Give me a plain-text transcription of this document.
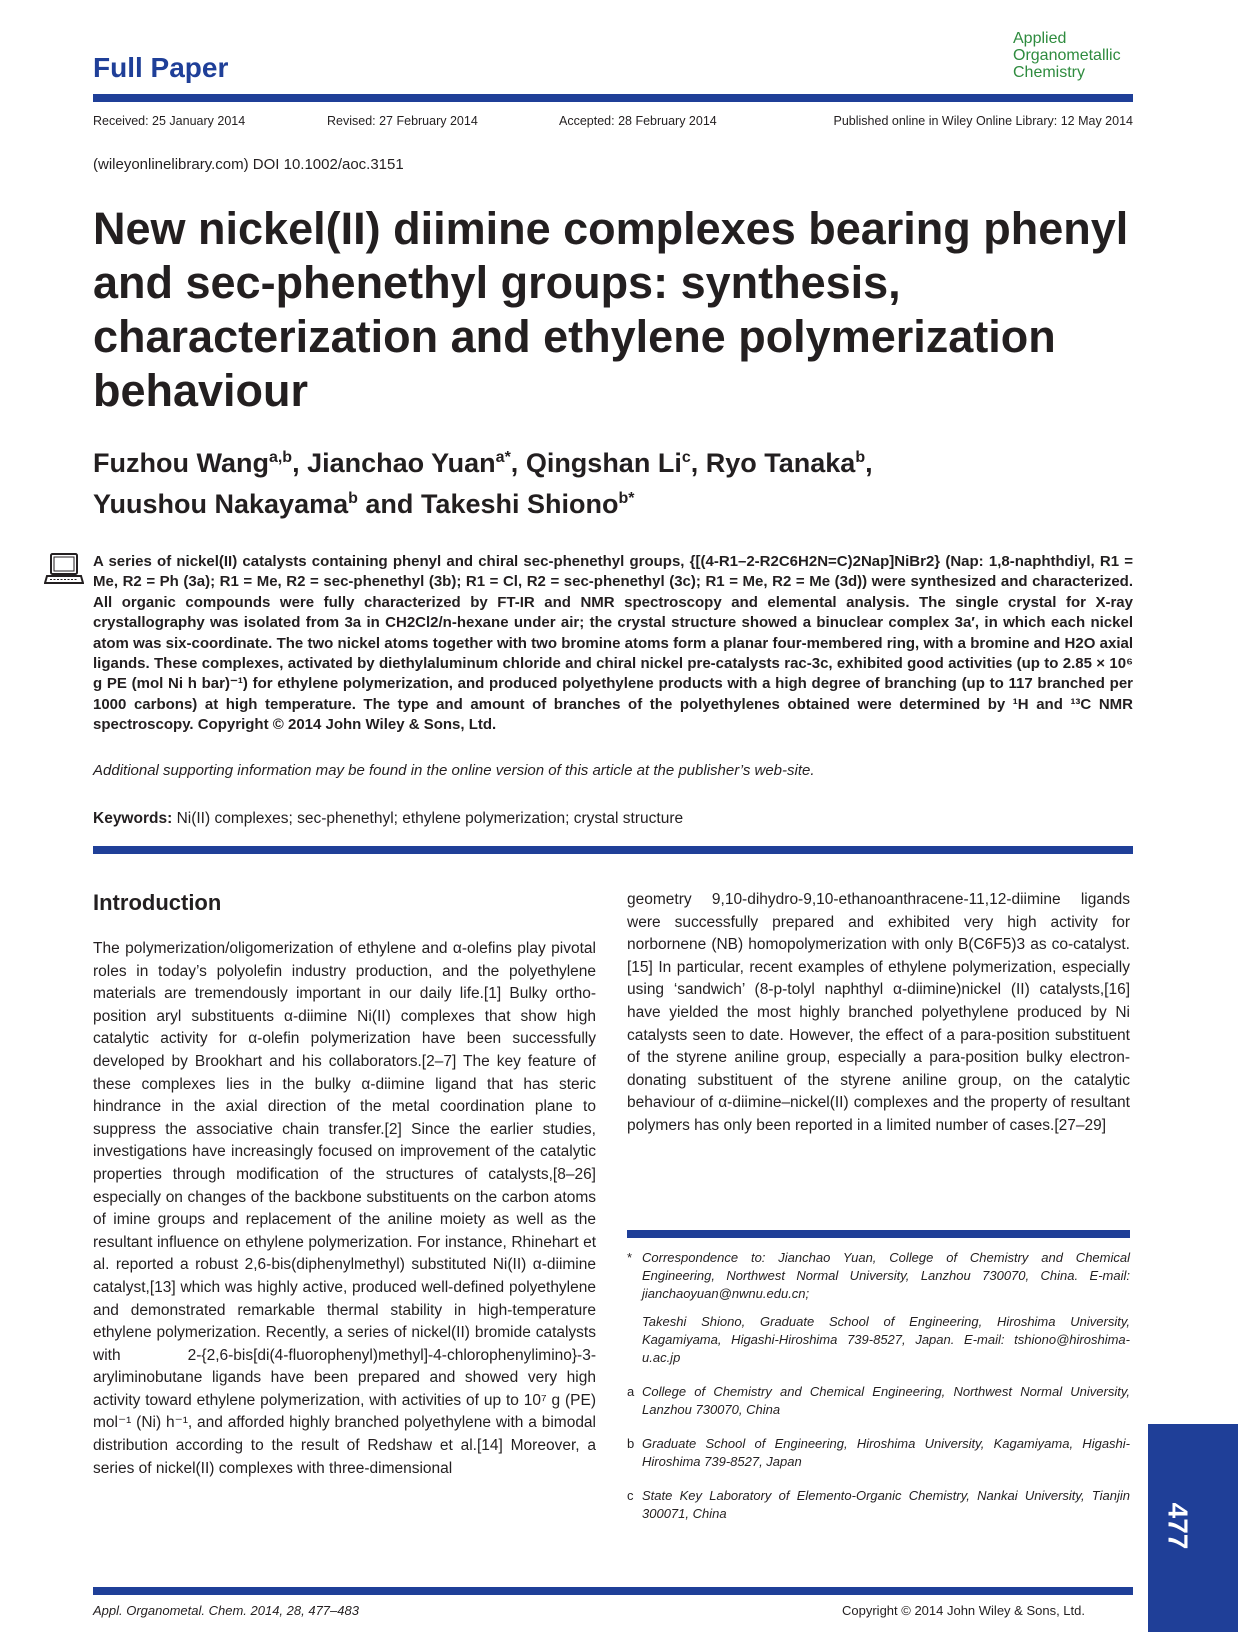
Full Paper
Applied
Organometallic
Chemistry
Received: 25 January 2014	Revised: 27 February 2014	Accepted: 28 February 2014	Published online in Wiley Online Library: 12 May 2014
(wileyonlinelibrary.com) DOI 10.1002/aoc.3151
New nickel(II) diimine complexes bearing phenyl and sec-phenethyl groups: synthesis, characterization and ethylene polymerization behaviour
Fuzhou Wang$^{a,b}$, Jianchao Yuan$^{a*}$, Qingshan Li$^c$, Ryo Tanaka$^b$,
Yuushou Nakayama$^b$ and Takeshi Shiono$^{b*}$
A series of nickel(II) catalysts containing phenyl and chiral sec-phenethyl groups, {[(4-R1–2-R2C6H2N=C)2Nap]NiBr2} (Nap: 1,8-naphthdiyl, R1 = Me, R2 = Ph (3a); R1 = Me, R2 = sec-phenethyl (3b); R1 = Cl, R2 = sec-phenethyl (3c); R1 = Me, R2 = Me (3d)) were synthesized and characterized. All organic compounds were fully characterized by FT-IR and NMR spectroscopy and elemental analysis. The single crystal for X-ray crystallography was isolated from 3a in CH2Cl2/n-hexane under air; the crystal structure showed a binuclear complex 3a′, in which each nickel atom was six-coordinate. The two nickel atoms together with two bromine atoms form a planar four-membered ring, with a bromine and H2O axial ligands. These complexes, activated by diethylaluminum chloride and chiral nickel pre-catalysts rac-3c, exhibited good activities (up to 2.85 × 10⁶ g PE (mol Ni h bar)⁻¹) for ethylene polymerization, and produced polyethylene products with a high degree of branching (up to 117 branched per 1000 carbons) at high temperature. The type and amount of branches of the polyethylenes obtained were determined by ¹H and ¹³C NMR spectroscopy. Copyright © 2014 John Wiley & Sons, Ltd.
Additional supporting information may be found in the online version of this article at the publisher’s web-site.
Keywords: Ni(II) complexes; sec-phenethyl; ethylene polymerization; crystal structure
Introduction
The polymerization/oligomerization of ethylene and α-olefins play pivotal roles in today’s polyolefin industry production, and the polyethylene materials are tremendously important in our daily life.[1] Bulky ortho-position aryl substituents α-diimine Ni(II) complexes that show high catalytic activity for α-olefin polymerization have been successfully developed by Brookhart and his collaborators.[2–7] The key feature of these complexes lies in the bulky α-diimine ligand that has steric hindrance in the axial direction of the metal coordination plane to suppress the associative chain transfer.[2] Since the earlier studies, investigations have increasingly focused on improvement of the catalytic properties through modification of the structures of catalysts,[8–26] especially on changes of the backbone substituents on the carbon atoms of imine groups and replacement of the aniline moiety as well as the resultant influence on ethylene polymerization. For instance, Rhinehart et al. reported a robust 2,6-bis(diphenylmethyl) substituted Ni(II) α-diimine catalyst,[13] which was highly active, produced well-defined polyethylene and demonstrated remarkable thermal stability in high-temperature ethylene polymerization. Recently, a series of nickel(II) bromide catalysts with 2-{2,6-bis[di(4-fluorophenyl)methyl]-4-chlorophenylimino}-3-aryliminobutane ligands have been prepared and showed very high activity toward ethylene polymerization, with activities of up to 10⁷ g (PE) mol⁻¹ (Ni) h⁻¹, and afforded highly branched polyethylene with a bimodal distribution according to the result of Redshaw et al.[14] Moreover, a series of nickel(II) complexes with three-dimensional
geometry 9,10-dihydro-9,10-ethanoanthracene-11,12-diimine ligands were successfully prepared and exhibited very high activity for norbornene (NB) homopolymerization with only B(C6F5)3 as co-catalyst.[15] In particular, recent examples of ethylene polymerization, especially using ‘sandwich’ (8-p-tolyl naphthyl α-diimine)nickel (II) catalysts,[16] have yielded the most highly branched polyethylene produced by Ni catalysts seen to date. However, the effect of a para-position substituent of the styrene aniline group, especially a para-position bulky electron-donating substituent of the styrene aniline group, on the catalytic behaviour of α-diimine–nickel(II) complexes and the property of resultant polymers has only been reported in a limited number of cases.[27–29]

* Correspondence to: Jianchao Yuan, College of Chemistry and Chemical Engineering, Northwest Normal University, Lanzhou 730070, China. E-mail: jianchaoyuan@nwnu.edu.cn;

Takeshi Shiono, Graduate School of Engineering, Hiroshima University, Kagamiyama, Higashi-Hiroshima 739-8527, Japan. E-mail: tshiono@hiroshima-u.ac.jp

a College of Chemistry and Chemical Engineering, Northwest Normal University, Lanzhou 730070, China

b Graduate School of Engineering, Hiroshima University, Kagamiyama, Higashi-Hiroshima 739-8527, Japan

c State Key Laboratory of Elemento-Organic Chemistry, Nankai University, Tianjin 300071, China	477
Appl. Organometal. Chem. 2014, 28, 477–483	Copyright © 2014 John Wiley & Sons, Ltd.
